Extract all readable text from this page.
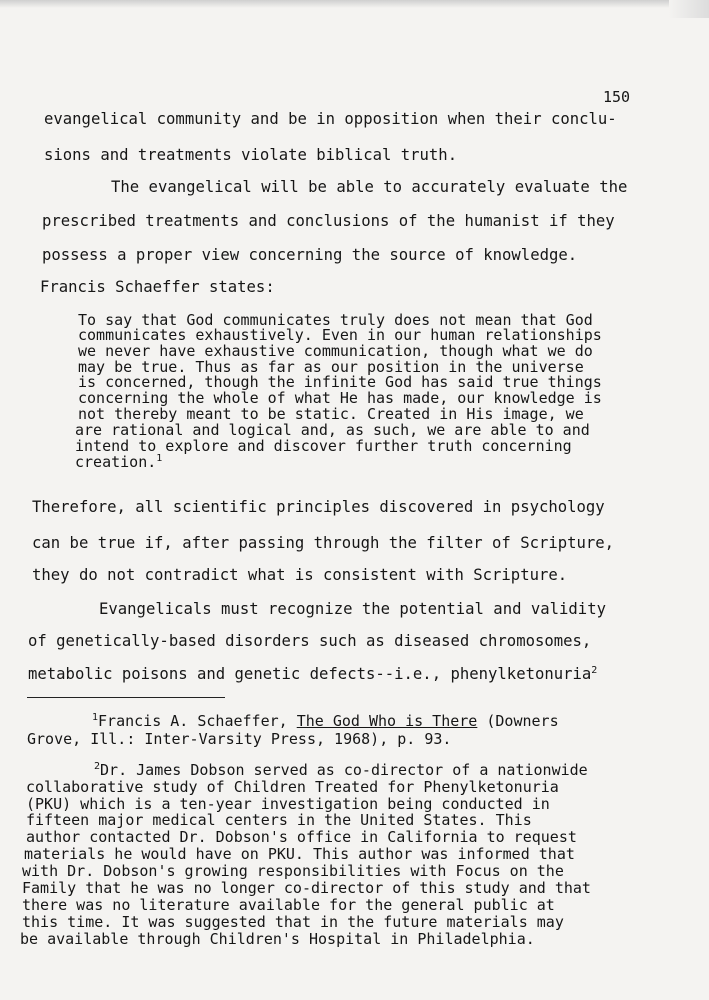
150
evangelical community and be in opposition when their conclu-
sions and treatments violate biblical truth.
The evangelical will be able to accurately evaluate the
prescribed treatments and conclusions of the humanist if they
possess a proper view concerning the source of knowledge.
Francis Schaeffer states:
To say that God communicates truly does not mean that God
communicates exhaustively. Even in our human relationships
we never have exhaustive communication, though what we do
may be true. Thus as far as our position in the universe
is concerned, though the infinite God has said true things
concerning the whole of what He has made, our knowledge is
not thereby meant to be static. Created in His image, we
are rational and logical and, as such, we are able to and
intend to explore and discover further truth concerning
creation.$^1$
Therefore, all scientific principles discovered in psychology
can be true if, after passing through the filter of Scripture,
they do not contradict what is consistent with Scripture.
Evangelicals must recognize the potential and validity
of genetically-based disorders such as diseased chromosomes,
metabolic poisons and genetic defects--i.e., phenylketonuria$^2$
$^1$Francis A. Schaeffer, The God Who is There (Downers
Grove, Ill.: Inter-Varsity Press, 1968), p. 93.
$^2$Dr. James Dobson served as co-director of a nationwide
collaborative study of Children Treated for Phenylketonuria
(PKU) which is a ten-year investigation being conducted in
fifteen major medical centers in the United States. This
author contacted Dr. Dobson's office in California to request
materials he would have on PKU. This author was informed that
with Dr. Dobson's growing responsibilities with Focus on the
Family that he was no longer co-director of this study and that
there was no literature available for the general public at
this time. It was suggested that in the future materials may
be available through Children's Hospital in Philadelphia.
